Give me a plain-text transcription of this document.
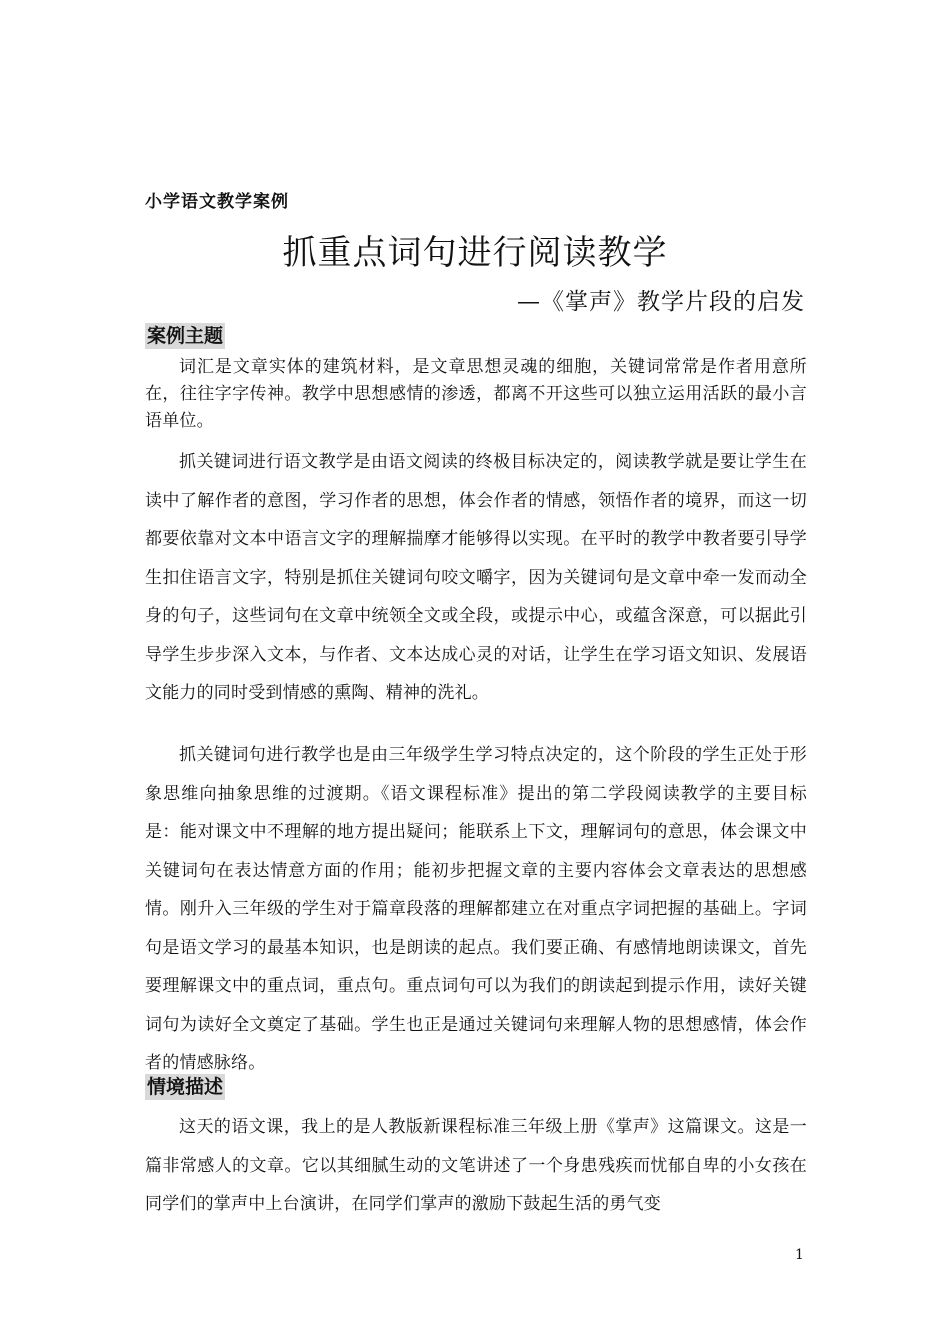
小学语文教学案例
抓重点词句进行阅读教学
—《掌声》教学片段的启发
案例主题

词汇是文章实体的建筑材料，是文章思想灵魂的细胞，关键词常常是作者用意所在，往往字字传神。教学中思想感情的渗透，都离不开这些可以独立运用活跃的最小言语单位。

抓关键词进行语文教学是由语文阅读的终极目标决定的，阅读教学就是要让学生在读中了解作者的意图，学习作者的思想，体会作者的情感，领悟作者的境界，而这一切都要依靠对文本中语言文字的理解揣摩才能够得以实现。在平时的教学中教者要引导学生扣住语言文字，特别是抓住关键词句咬文嚼字，因为关键词句是文章中牵一发而动全身的句子，这些词句在文章中统领全文或全段，或提示中心，或蕴含深意，可以据此引导学生步步深入文本，与作者、文本达成心灵的对话，让学生在学习语文知识、发展语文能力的同时受到情感的熏陶、精神的洗礼。

抓关键词句进行教学也是由三年级学生学习特点决定的，这个阶段的学生正处于形象思维向抽象思维的过渡期。《语文课程标准》提出的第二学段阅读教学的主要目标是：能对课文中不理解的地方提出疑问；能联系上下文，理解词句的意思，体会课文中关键词句在表达情意方面的作用；能初步把握文章的主要内容体会文章表达的思想感情。刚升入三年级的学生对于篇章段落的理解都建立在对重点字词把握的基础上。字词句是语文学习的最基本知识，也是朗读的起点。我们要正确、有感情地朗读课文，首先要理解课文中的重点词，重点句。重点词句可以为我们的朗读起到提示作用，读好关键词句为读好全文奠定了基础。学生也正是通过关键词句来理解人物的思想感情，体会作者的情感脉络。

情境描述

这天的语文课，我上的是人教版新课程标准三年级上册《掌声》这篇课文。这是一篇非常感人的文章。它以其细腻生动的文笔讲述了一个身患残疾而忧郁自卑的小女孩在同学们的掌声中上台演讲，在同学们掌声的激励下鼓起生活的勇气变

1
